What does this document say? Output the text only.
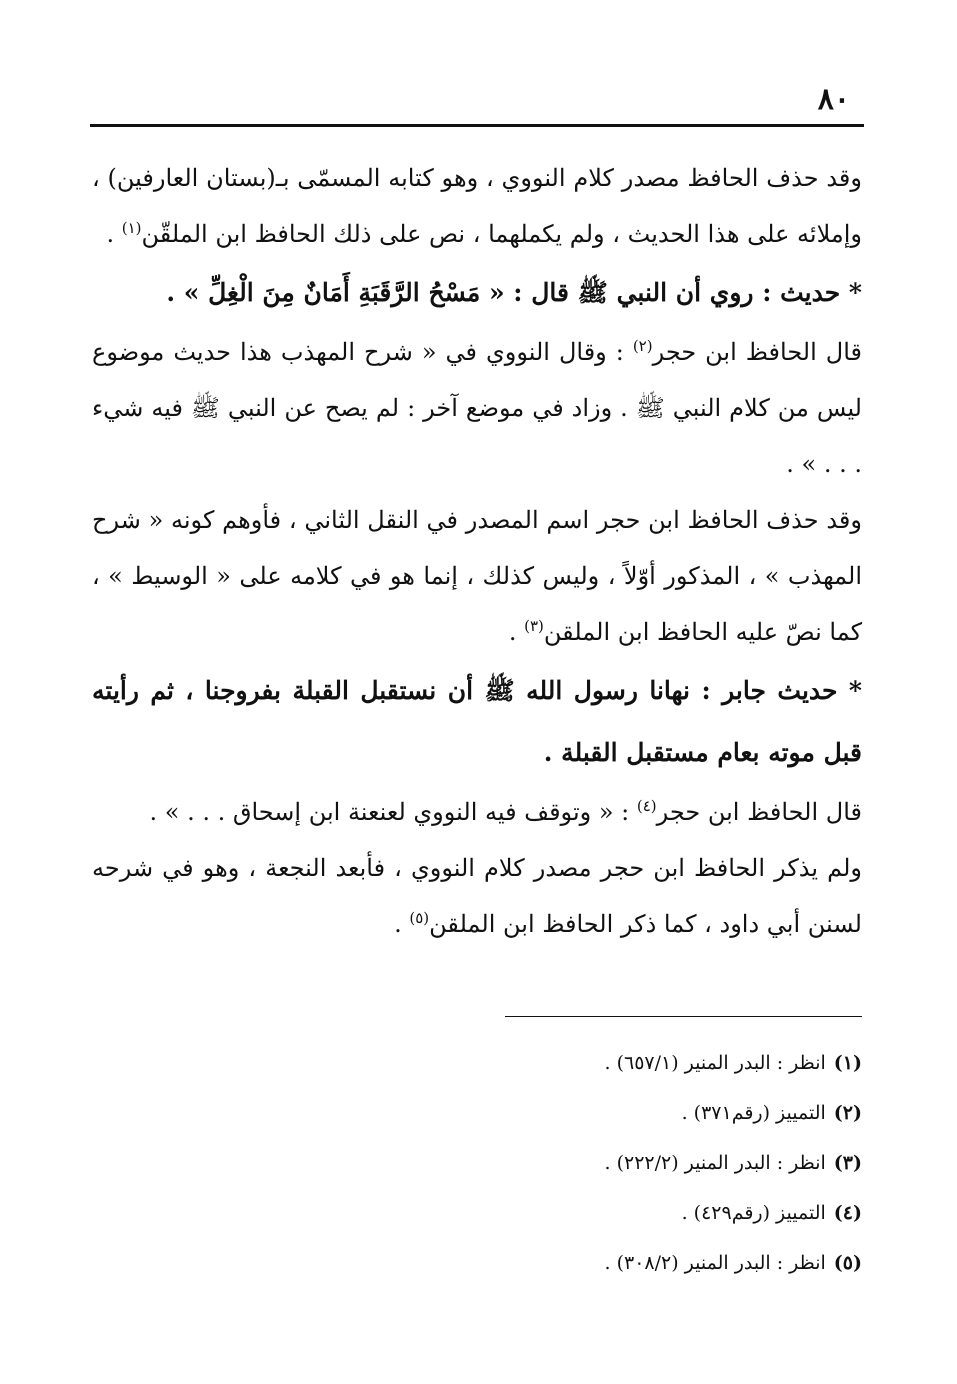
٨٠

وقد حذف الحافظ مصدر كلام النووي ، وهو كتابه المسمّى بـ(بستان العارفين) ، وإملائه على هذا الحديث ، ولم يكملهما ، نص على ذلك الحافظ ابن الملقّن$^{(١)}$ .

* حديث : روي أن النبي ﷺ قال : « مَسْحُ الرَّقَبَةِ أَمَانٌ مِنَ الْغِلِّ » .

قال الحافظ ابن حجر$^{(٢)}$ : وقال النووي في « شرح المهذب هذا حديث موضوع ليس من كلام النبي ﷺ . وزاد في موضع آخر : لم يصح عن النبي ﷺ فيه شيء . . . » .

وقد حذف الحافظ ابن حجر اسم المصدر في النقل الثاني ، فأوهم كونه « شرح المهذب » ، المذكور أوّلاً ، وليس كذلك ، إنما هو في كلامه على « الوسيط » ، كما نصّ عليه الحافظ ابن الملقن$^{(٣)}$ .

* حديث جابر : نهانا رسول الله ﷺ أن نستقبل القبلة بفروجنا ، ثم رأيته قبل موته بعام مستقبل القبلة .

قال الحافظ ابن حجر$^{(٤)}$ : « وتوقف فيه النووي لعنعنة ابن إسحاق . . . » .

ولم يذكر الحافظ ابن حجر مصدر كلام النووي ، فأبعد النجعة ، وهو في شرحه لسنن أبي داود ، كما ذكر الحافظ ابن الملقن$^{(٥)}$ .

(١)انظر : البدر المنير (٦٥٧/١) .

(٢)التمييز (رقم٣٧١) .

(٣)انظر : البدر المنير (٢٢٢/٢) .

(٤)التمييز (رقم٤٢٩) .

(٥)انظر : البدر المنير (٣٠٨/٢) .
